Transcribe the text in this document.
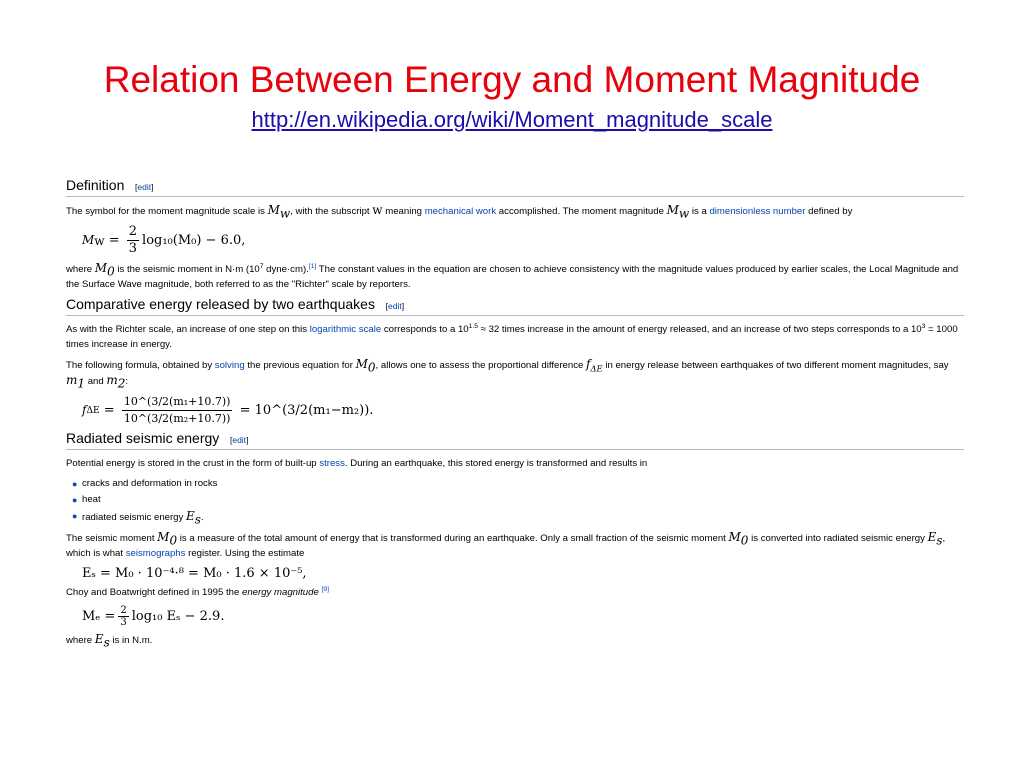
Relation Between Energy and Moment Magnitude
http://en.wikipedia.org/wiki/Moment_magnitude_scale
Definition [edit]

The symbol for the moment magnitude scale is $M_w$, with the subscript w meaning mechanical work accomplished. The moment magnitude $M_w$ is a dimensionless number defined by

M $w = \frac{2}{3} \log_{10}(M_0) - 6.0$,

where $M_0$ is the seismic moment in N·m ($10^7$ dyne·cm).[1] The constant values in the equation are chosen to achieve consistency with the magnitude values produced by earlier scales, the Local Magnitude and the Surface Wave magnitude, both referred to as the "Richter" scale by reporters.

Comparative energy released by two earthquakes [edit]

As with the Richter scale, an increase of one step on this logarithmic scale corresponds to a $10^{1.5} \approx 32$ times increase in the amount of energy released, and an increase of two steps corresponds to a $10^3 = 1000$ times increase in energy.

The following formula, obtained by solving the previous equation for $M_0$, allows one to assess the proportional difference $f_{\Delta E}$ in energy release between earthquakes of two different moment magnitudes, say $m_1$ and $m_2$:

f $\Delta E = \frac{\text{10\textasciicircum{}(3/2(m₁+10.7))}}{\text{10\textasciicircum{}(3/2(m₂+10.7))}}$
= 10^(3/2(m₁−m₂)).
Radiated seismic energy [edit]

Potential energy is stored in the crust in the form of built-up stress. During an earthquake, this stored energy is transformed and results in

● cracks and deformation in rocks
● heat
● radiated seismic energy $E_s$.

The seismic moment $M_0$ is a measure of the total amount of energy that is transformed during an earthquake. Only a small fraction of the seismic moment $M_0$ is converted into radiated seismic energy $E_s$, which is what seismographs register. Using the estimate

Eₛ = M₀ · 10⁻⁴·⁸ = M₀ · 1.6 × 10⁻⁵,

Choy and Boatwright defined in 1995 the energy magnitude [9]

$M_e = \frac{2}{3} \log_{10}$ Eₛ − 2.9.

where $E_s$ is in N.m.
